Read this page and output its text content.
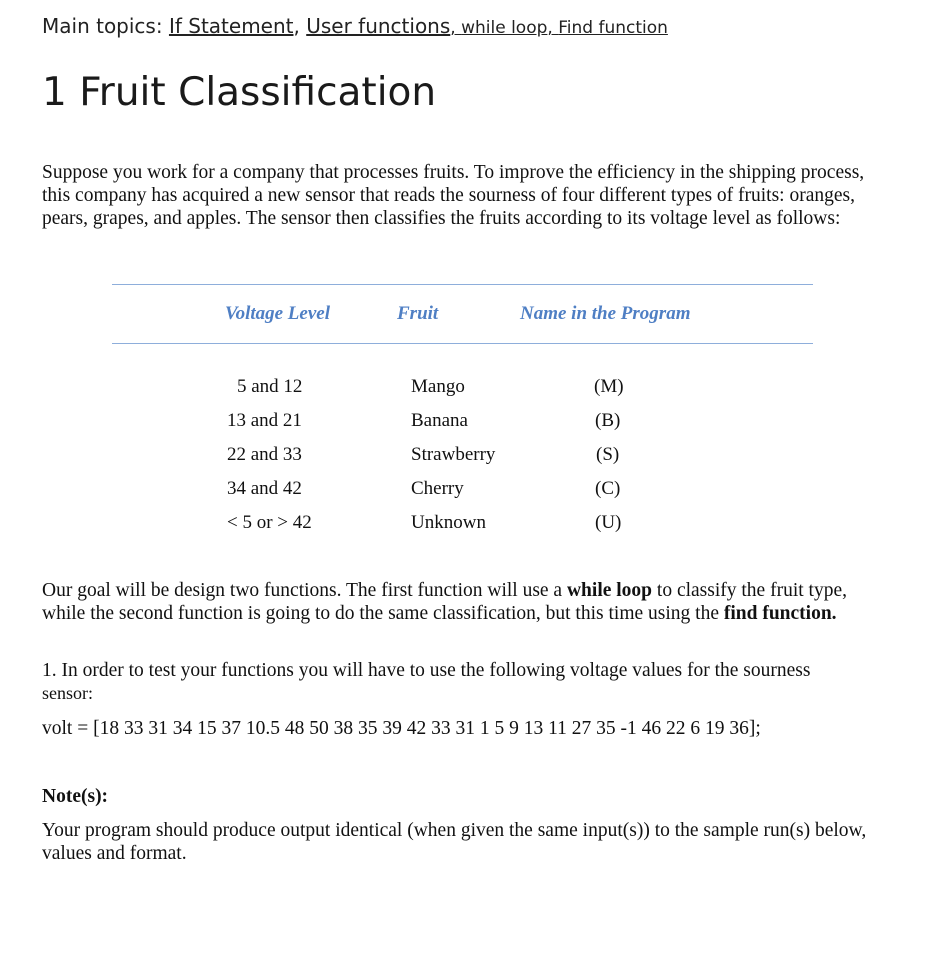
Main topics: If Statement, User functions, while loop, Find function
1 Fruit Classification

Suppose you work for a company that processes fruits. To improve the efficiency in the shipping process, this company has acquired a new sensor that reads the sourness of four different types of fruits: oranges, pears, grapes, and apples. The sensor then classifies the fruits according to its voltage level as follows:

Voltage Level	Fruit	Name in the Program
5 and 12	Mango	(M)
13 and 21	Banana	(B)
22 and 33	Strawberry	(S)
34 and 42	Cherry	(C)
< 5 or > 42	Unknown	(U)

Our goal will be design two functions. The first function will use a while loop to classify the fruit type, while the second function is going to do the same classification, but this time using the find function.

1. In order to test your functions you will have to use the following voltage values for the sourness
sensor:

volt = [18 33 31 34 15 37 10.5 48 50 38 35 39 42 33 31 1 5 9 13 11 27 35 -1 46 22 6 19 36];

Note(s):

Your program should produce output identical (when given the same input(s)) to the sample run(s) below, values and format.
